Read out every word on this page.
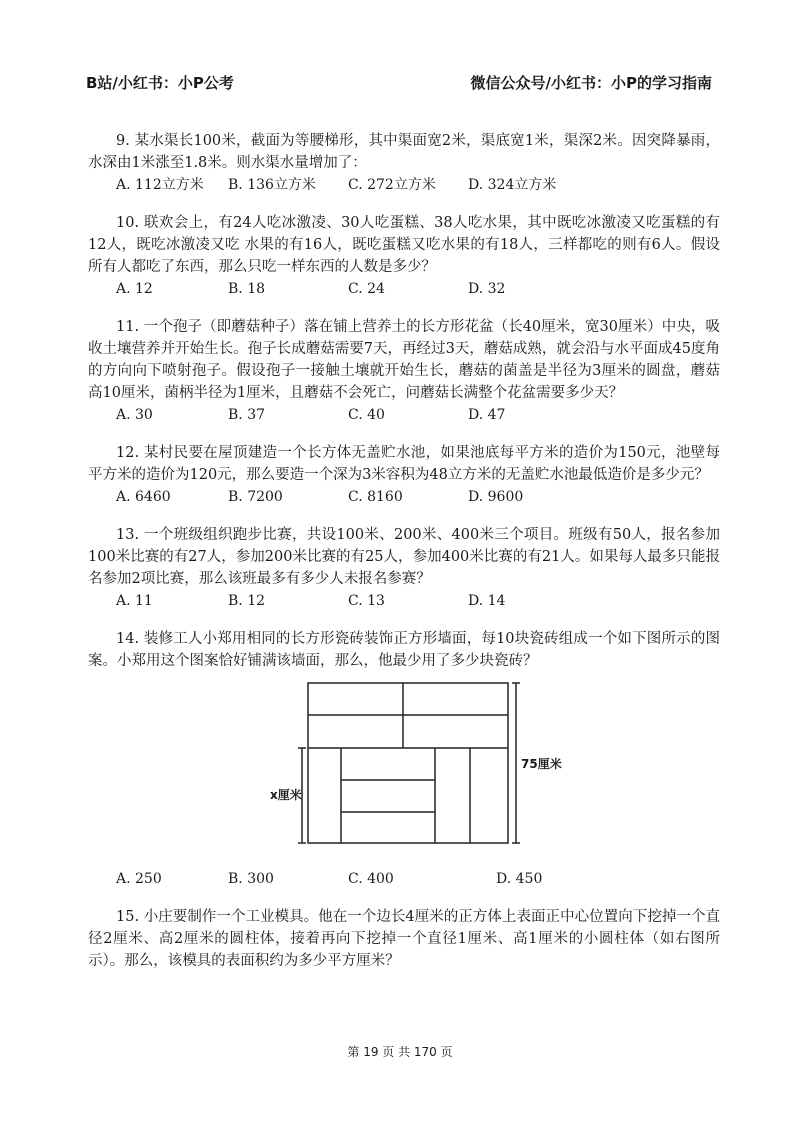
B站/小红书：小P公考	微信公众号/小红书：小P的学习指南

9. 某水渠长100米，截面为等腰梯形，其中渠面宽2米，渠底宽1米，渠深2米。因突降暴雨，水深由1米涨至1.8米。则水渠水量增加了：

A. 112立方米	B. 136立方米	C. 272立方米	D. 324立方米

10. 联欢会上，有24人吃冰激凌、30人吃蛋糕、38人吃水果，其中既吃冰激凌又吃蛋糕的有12人，既吃冰激凌又吃 水果的有16人，既吃蛋糕又吃水果的有18人，三样都吃的则有6人。假设所有人都吃了东西，那么只吃一样东西的人数是多少？

A. 12	B. 18	C. 24	D. 32

11. 一个孢子（即蘑菇种子）落在铺上营养土的长方形花盆（长40厘米，宽30厘米）中央，吸收土壤营养并开始生长。孢子长成蘑菇需要7天，再经过3天，蘑菇成熟，就会沿与水平面成45度角的方向向下喷射孢子。假设孢子一接触土壤就开始生长，蘑菇的菌盖是半径为3厘米的圆盘，蘑菇高10厘米，菌柄半径为1厘米，且蘑菇不会死亡，问蘑菇长满整个花盆需要多少天？

A. 30	B. 37	C. 40	D. 47

12. 某村民要在屋顶建造一个长方体无盖贮水池，如果池底每平方米的造价为150元，池壁每平方米的造价为120元，那么要造一个深为3米容积为48立方米的无盖贮水池最低造价是多少元？

A. 6460	B. 7200	C. 8160	D. 9600

13. 一个班级组织跑步比赛，共设100米、200米、400米三个项目。班级有50人，报名参加100米比赛的有27人，参加200米比赛的有25人，参加400米比赛的有21人。如果每人最多只能报名参加2项比赛，那么该班最多有多少人未报名参赛？

A. 11	B. 12	C. 13	D. 14

14. 装修工人小郑用相同的长方形瓷砖装饰正方形墙面，每10块瓷砖组成一个如下图所示的图案。小郑用这个图案恰好铺满该墙面，那么，他最少用了多少块瓷砖？

75厘米
x厘米
A. 250	B. 300	C. 400	D. 450

15. 小庄要制作一个工业模具。他在一个边长4厘米的正方体上表面正中心位置向下挖掉一个直径2厘米、高2厘米的圆柱体，接着再向下挖掉一个直径1厘米、高1厘米的小圆柱体（如右图所示）。那么，该模具的表面积约为多少平方厘米？

第 19 页 共 170 页
